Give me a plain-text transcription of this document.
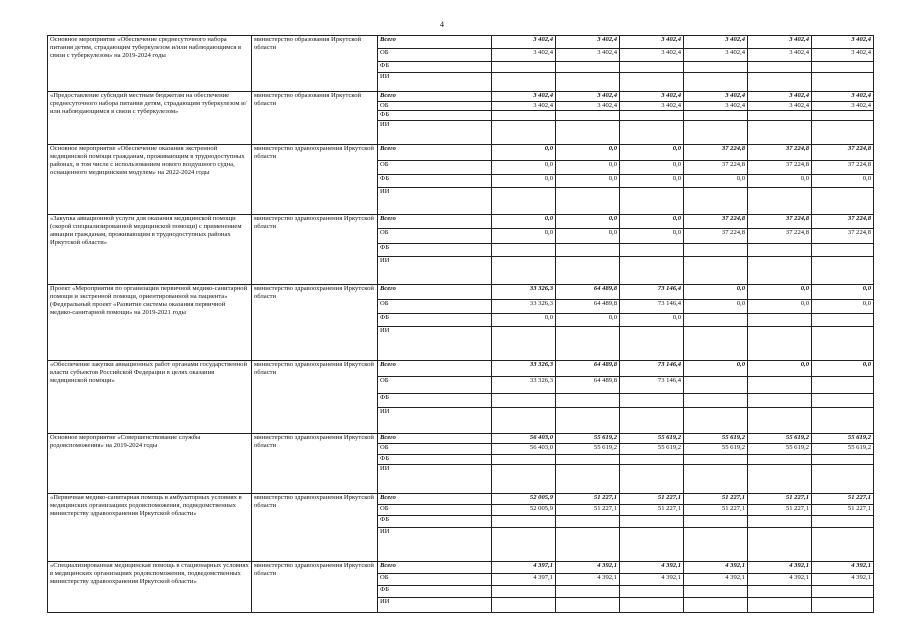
4
Основное мероприятие «Обеспечение среднесуточного набора питания детям, страдающим туберкулезом и/или наблюдающимся в связи с туберкулезом» на 2019-2024 годы	министерство образования Иркутской области	Всего	3 402,4	3 402,4	3 402,4	3 402,4	3 402,4	3 402,4
		ОБ	3 402,4	3 402,4	3 402,4	3 402,4	3 402,4	3 402,4
		ФБ						
		ИИ						
«Предоставление субсидий местным бюджетам на обеспечение среднесуточного набора питания детям, страдающим туберкулезом и/или наблюдающимся в связи с туберкулезом»	министерство образования Иркутской области	Всего	3 402,4	3 402,4	3 402,4	3 402,4	3 402,4	3 402,4
		ОБ	3 402,4	3 402,4	3 402,4	3 402,4	3 402,4	3 402,4
		ФБ						
		ИИ						
Основное мероприятие «Обеспечение оказания экстренной медицинской помощи гражданам, проживающим в труднодоступных районах, в том числе с использованием нового воздушного судна, оснащенного медицинским модулем» на 2022-2024 годы	министерство здравоохранения Иркутской области	Всего	0,0	0,0	0,0	37 224,8	37 224,8	37 224,8
		ОБ	0,0	0,0	0,0	37 224,8	37 224,8	37 224,8
		ФБ	0,0	0,0	0,0	0,0	0,0	0,0
		ИИ						
«Закупка авиационной услуги для оказания медицинской помощи (скорой специализированной медицинской помощи) с применением авиации гражданам, проживающим в труднодоступных районах Иркутской области»	министерство здравоохранения Иркутской области	Всего	0,0	0,0	0,0	37 224,8	37 224,8	37 224,8
		ОБ	0,0	0,0	0,0	37 224,8	37 224,8	37 224,8
		ФБ						
		ИИ						
Проект «Мероприятия по организации первичной медико-санитарной помощи и экстренной помощи, ориентированной на пациента» (Федеральный проект «Развитие системы оказания первичной медико-санитарной помощи» на 2019-2021 годы	министерство здравоохранения Иркутской области	Всего	33 326,3	64 489,8	73 146,4	0,0	0,0	0,0
		ОБ	33 326,3	64 489,8	73 146,4	0,0	0,0	0,0
		ФБ	0,0	0,0	0,0			
		ИИ						
«Обеспечение закупки авиационных работ органами государственной власти субъектов Российской Федерации в целях оказания медицинской помощи»	министерство здравоохранения Иркутской области	Всего	33 326,3	64 489,8	73 146,4	0,0	0,0	0,0
		ОБ	33 326,3	64 489,8	73 146,4			
		ФБ						
		ИИ						
Основное мероприятие «Совершенствование службы родовспоможения» на 2019-2024 годы	министерство здравоохранения Иркутской области	Всего	56 403,0	55 619,2	55 619,2	55 619,2	55 619,2	55 619,2
		ОБ	56 403,0	55 619,2	55 619,2	55 619,2	55 619,2	55 619,2
		ФБ						
		ИИ						
«Первичная медико-санитарная помощь в амбулаторных условиях в медицинских организациях родовспоможения, подведомственных министерству здравоохранения Иркутской области»	министерство здравоохранения Иркутской области	Всего	52 005,9	51 227,1	51 227,1	51 227,1	51 227,1	51 227,1
		ОБ	52 005,9	51 227,1	51 227,1	51 227,1	51 227,1	51 227,1
		ФБ						
		ИИ						
«Специализированная медицинская помощь в стационарных условиях в медицинских организациях родовспоможения, подведомственных министерству здравоохранения Иркутской области»	министерство здравоохранения Иркутской области	Всего	4 397,1	4 392,1	4 392,1	4 392,1	4 392,1	4 392,1
		ОБ	4 397,1	4 392,1	4 392,1	4 392,1	4 392,1	4 392,1
		ФБ						
		ИИ						
